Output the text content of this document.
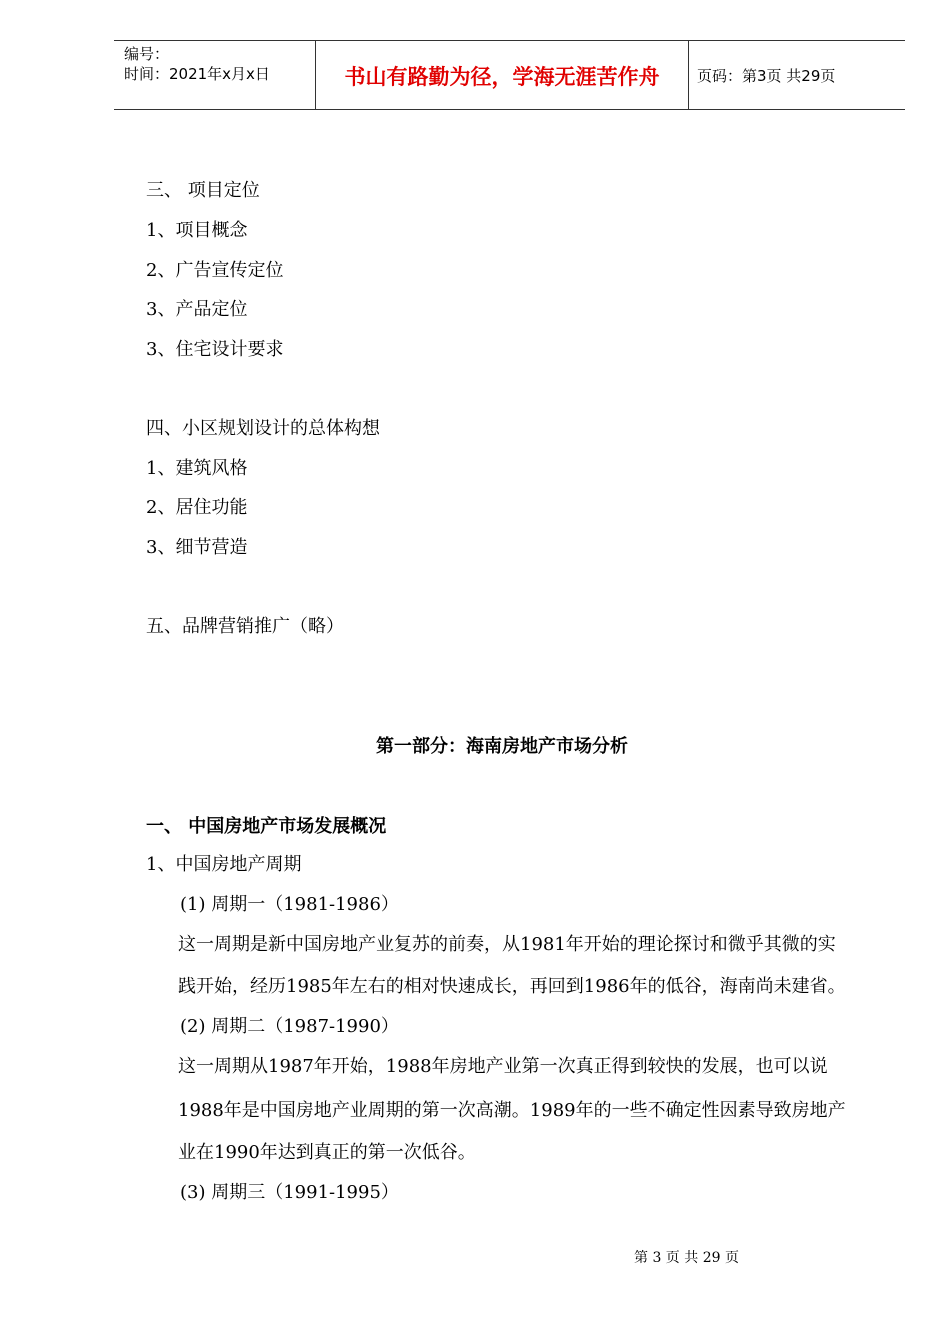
编号：
时间：2021年x月x日	书山有路勤为径，学海无涯苦作舟	页码：第3页 共29页
三、 项目定位
1、项目概念
2、广告宣传定位
3、产品定位
3、住宅设计要求
四、小区规划设计的总体构想
1、建筑风格
2、居住功能
3、细节营造
五、品牌营销推广（略）
第一部分：海南房地产市场分析
一、 中国房地产市场发展概况
1、中国房地产周期
(1) 周期一（1981-1986）
这一周期是新中国房地产业复苏的前奏，从1981年开始的理论探讨和微乎其微的实
践开始，经历1985年左右的相对快速成长，再回到1986年的低谷，海南尚未建省。
(2) 周期二（1987-1990）
这一周期从1987年开始，1988年房地产业第一次真正得到较快的发展，也可以说
1988年是中国房地产业周期的第一次高潮。1989年的一些不确定性因素导致房地产
业在1990年达到真正的第一次低谷。
(3) 周期三（1991-1995）
第 3 页 共 29 页
